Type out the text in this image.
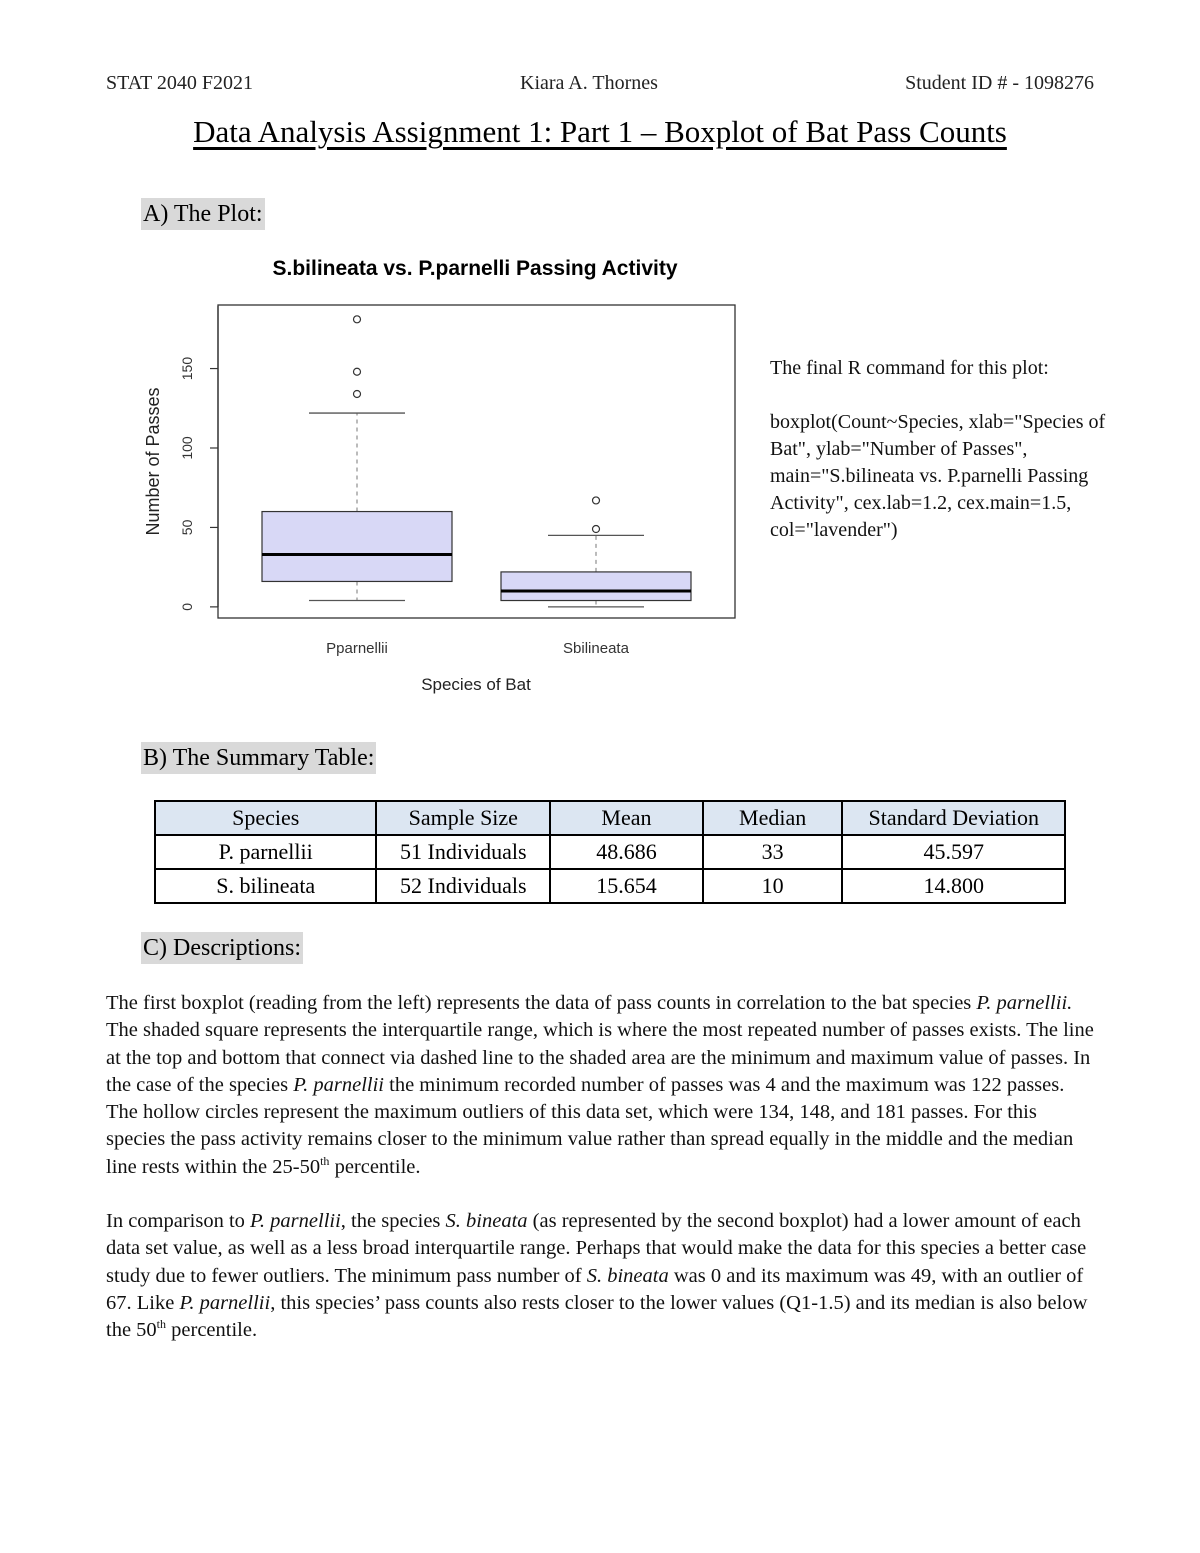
STAT 2040 F2021	Kiara A. Thornes	Student ID # - 1098276
Data Analysis Assignment 1: Part 1 – Boxplot of Bat Pass Counts
A) The Plot:
S.bilineata vs. P.parnelli Passing Activity
0
50
100
150
Pparnellii	Sbilineata
Number of Passes
Species of Bat

The final R command for this plot:

boxplot(Count~Species, xlab="Species of Bat", ylab="Number of Passes", main="S.bilineata vs. P.parnelli Passing Activity", cex.lab=1.2, cex.main=1.5, col="lavender")

B) The Summary Table:
Species	Sample Size	Mean	Median	Standard Deviation
P. parnellii	51 Individuals	48.686	33	45.597
S. bilineata	52 Individuals	15.654	10	14.800
C) Descriptions:

The first boxplot (reading from the left) represents the data of pass counts in correlation to the bat species P. parnellii. The shaded square represents the interquartile range, which is where the most repeated number of passes exists. The line at the top and bottom that connect via dashed line to the shaded area are the minimum and maximum value of passes. In the case of the species P. parnellii the minimum recorded number of passes was 4 and the maximum was 122 passes. The hollow circles represent the maximum outliers of this data set, which were 134, 148, and 181 passes. For this species the pass activity remains closer to the minimum value rather than spread equally in the middle and the median line rests within the 25-50th percentile.

In comparison to P. parnellii, the species S. bineata (as represented by the second boxplot) had a lower amount of each data set value, as well as a less broad interquartile range. Perhaps that would make the data for this species a better case study due to fewer outliers. The minimum pass number of S. bineata was 0 and its maximum was 49, with an outlier of 67. Like P. parnellii, this species’ pass counts also rests closer to the lower values (Q1-1.5) and its median is also below the 50th percentile.
